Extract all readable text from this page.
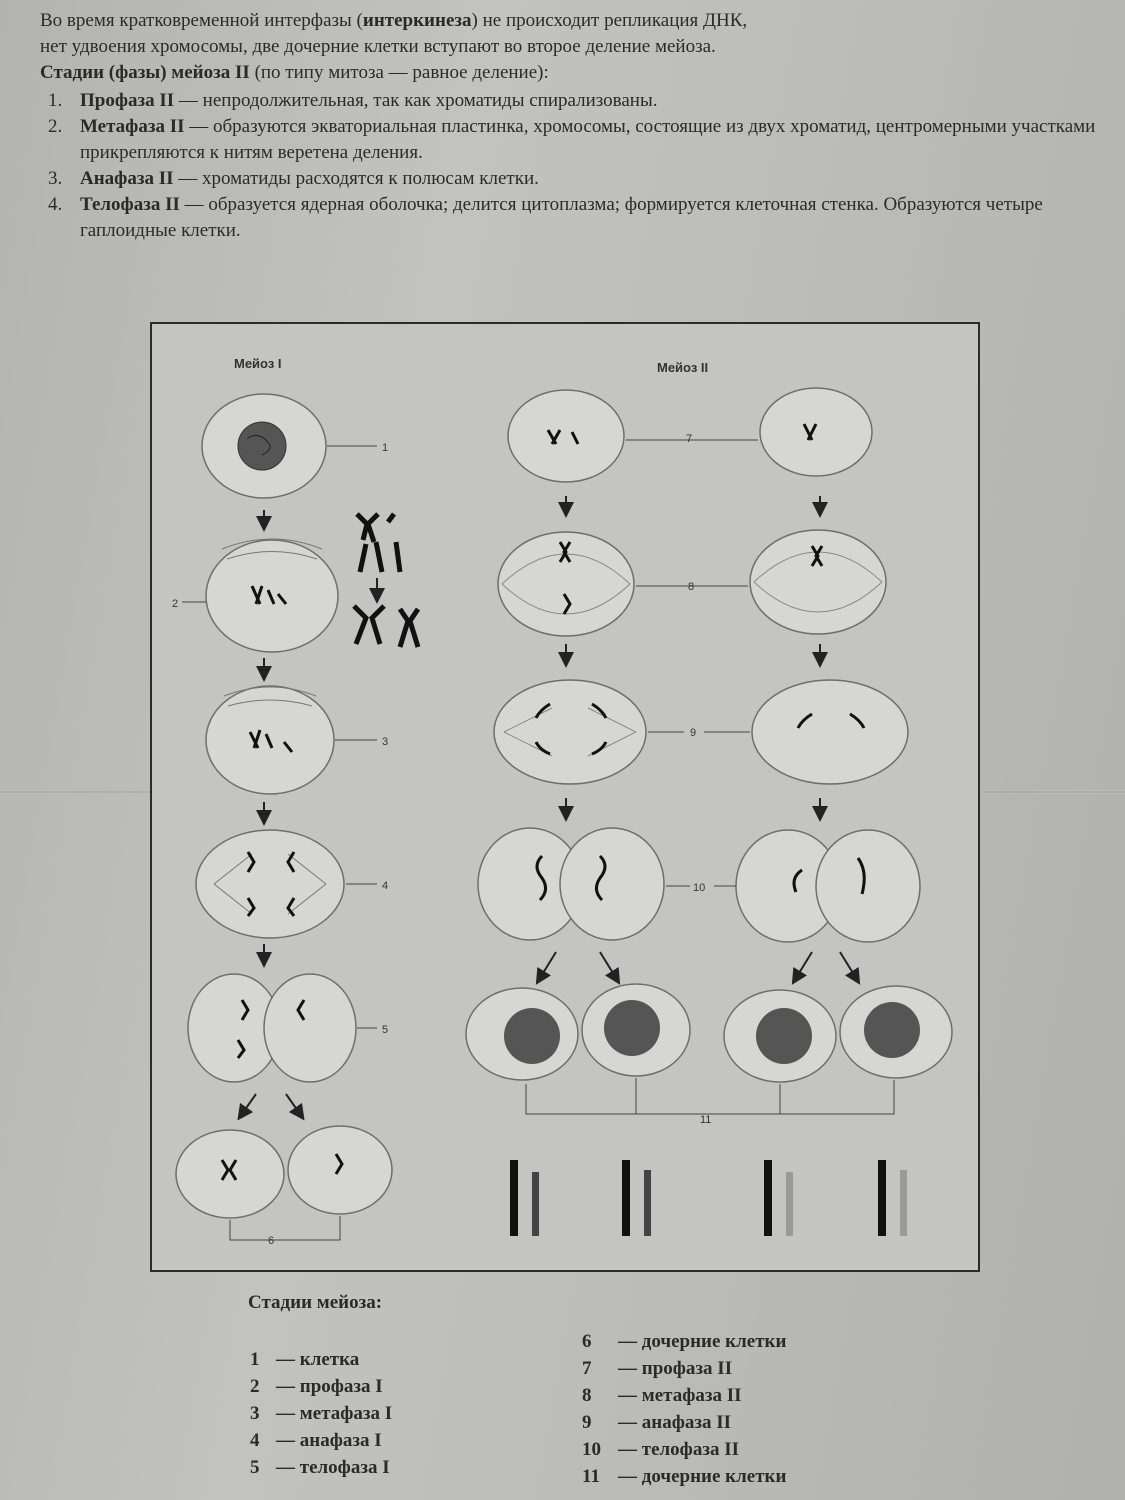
Во время кратковременной интерфазы (интеркинеза) не происходит репликация ДНК,

нет удвоения хромосомы, две дочерние клетки вступают во второе деление мейоза.

Стадии (фазы) мейоза II (по типу митоза — равное деление):

1. Профаза II — непродолжительная, так как хроматиды спирализованы.
2. Метафаза II — образуются экваториальная пластинка, хромосомы, состоящие из двух хроматид, центромерными участками прикрепляются к нитям веретена деления.
3. Анафаза II — хроматиды расходятся к полюсам клетки.
4. Телофаза II — образуется ядерная оболочка; делится цитоплазма; формируется клеточная стенка. Образуются четыре гаплоидные клетки.
Мейоз I	Мейоз II
1
2
3
4
5
6
7
8
9
10
11
Стадии мейоза:
1 — клетка
2 — профаза I
3 — метафаза I
4 — анафаза I
5 — телофаза I
6	— дочерние клетки
7	— профаза II
8	— метафаза II
9	— анафаза II
10 — телофаза II
11 — дочерние клетки
